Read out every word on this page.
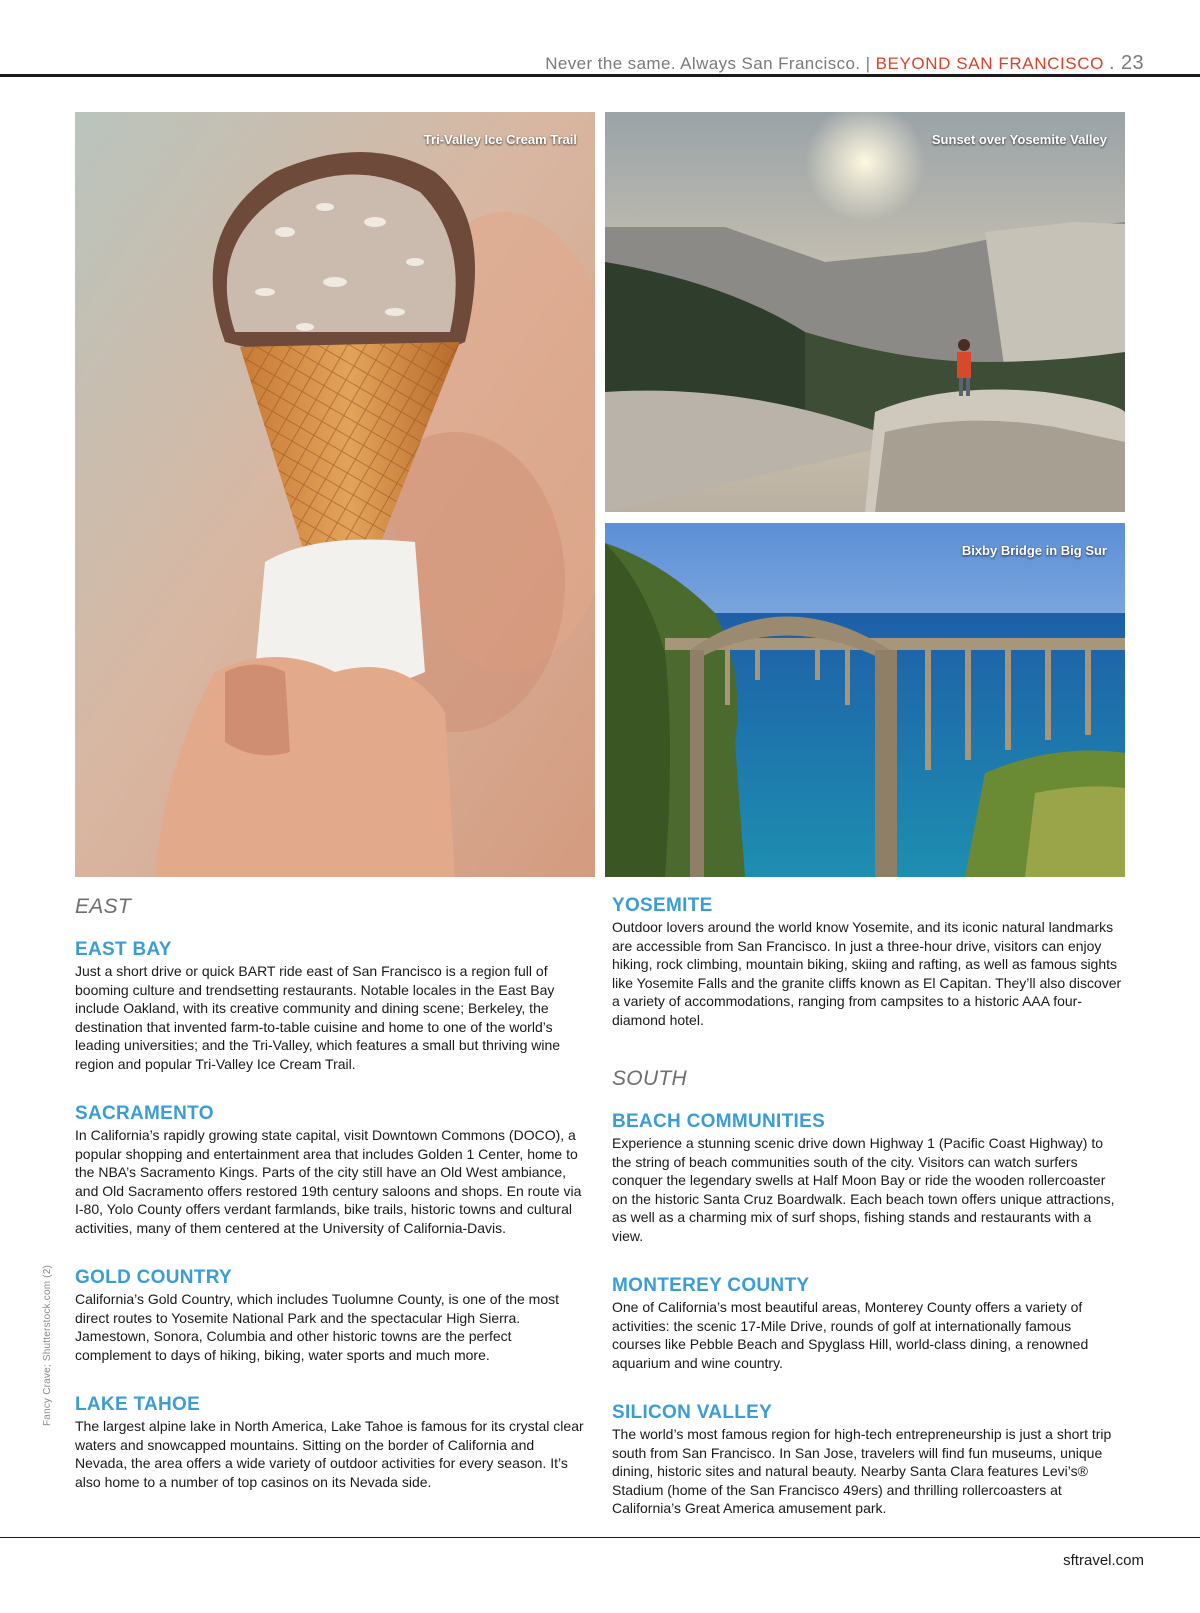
Never the same. Always San Francisco. | BEYOND SAN FRANCISCO . 23
Tri-Valley Ice Cream Trail	Sunset over Yosemite Valley
Bixby Bridge in Big Sur
EAST
EAST BAY

Just a short drive or quick BART ride east of San Francisco is a region full of booming culture and trendsetting restaurants. Notable locales in the East Bay include Oakland, with its creative community and dining scene; Berkeley, the destination that invented farm-to-table cuisine and home to one of the world’s leading universities; and the Tri-Valley, which features a small but thriving wine region and popular Tri-Valley Ice Cream Trail.

SACRAMENTO

In California’s rapidly growing state capital, visit Downtown Commons (DOCO), a popular shopping and entertainment area that includes Golden 1 Center, home to the NBA’s Sacramento Kings. Parts of the city still have an Old West ambiance, and Old Sacramento offers restored 19th century saloons and shops. En route via I-80, Yolo County offers verdant farmlands, bike trails, historic towns and cultural activities, many of them centered at the University of California-Davis.

GOLD COUNTRY

California’s Gold Country, which includes Tuolumne County, is one of the most direct routes to Yosemite National Park and the spectacular High Sierra. Jamestown, Sonora, Columbia and other historic towns are the perfect complement to days of hiking, biking, water sports and much more.

LAKE TAHOE

The largest alpine lake in North America, Lake Tahoe is famous for its crystal clear waters and snowcapped mountains. Sitting on the border of California and Nevada, the area offers a wide variety of outdoor activities for every season. It’s also home to a number of top casinos on its Nevada side.

YOSEMITE

Outdoor lovers around the world know Yosemite, and its iconic natural landmarks are accessible from San Francisco. In just a three-hour drive, visitors can enjoy hiking, rock climbing, mountain biking, skiing and rafting, as well as famous sights like Yosemite Falls and the granite cliffs known as El Capitan. They’ll also discover a variety of accommodations, ranging from campsites to a historic AAA four-diamond hotel.

SOUTH
BEACH COMMUNITIES

Experience a stunning scenic drive down Highway 1 (Pacific Coast Highway) to the string of beach communities south of the city. Visitors can watch surfers conquer the legendary swells at Half Moon Bay or ride the wooden rollercoaster on the historic Santa Cruz Boardwalk. Each beach town offers unique attractions, as well as a charming mix of surf shops, fishing stands and restaurants with a view.

MONTEREY COUNTY

One of California’s most beautiful areas, Monterey County offers a variety of activities: the scenic 17-Mile Drive, rounds of golf at internationally famous courses like Pebble Beach and Spyglass Hill, world-class dining, a renowned aquarium and wine country.

SILICON VALLEY

The world’s most famous region for high-tech entrepreneurship is just a short trip south from San Francisco. In San Jose, travelers will find fun museums, unique dining, historic sites and natural beauty. Nearby Santa Clara features Levi’s® Stadium (home of the San Francisco 49ers) and thrilling rollercoasters at California’s Great America amusement park.

Fancy Crave; Shutterstock.com (2)
sftravel.com
